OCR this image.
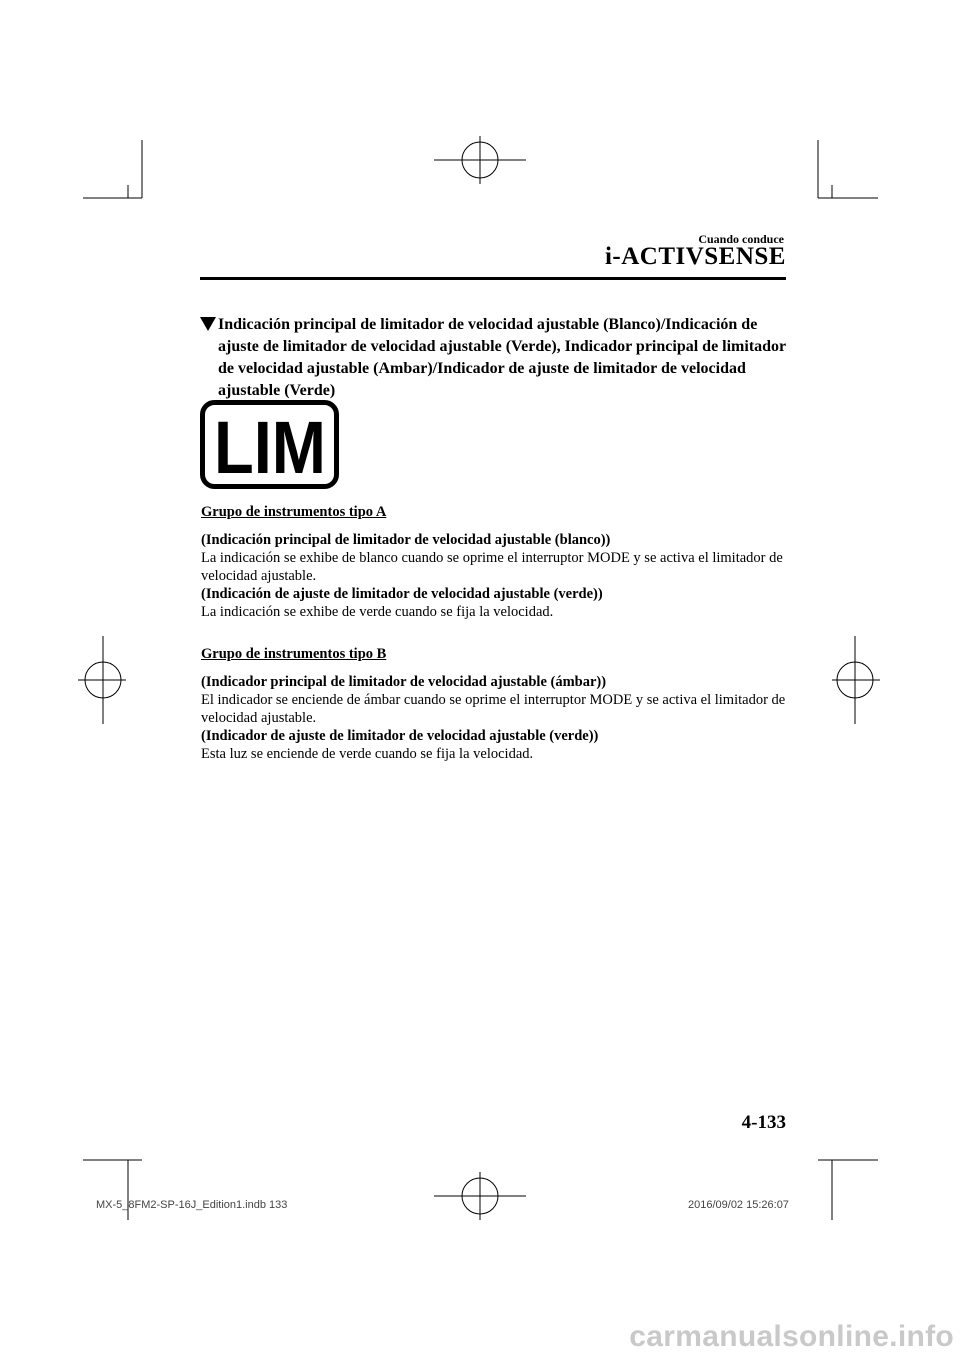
Cuando conduce
i-ACTIVSENSE
Indicación principal de limitador de velocidad ajustable (Blanco)/Indicación de ajuste de limitador de velocidad ajustable (Verde), Indicador principal de limitador de velocidad ajustable (Ambar)/Indicador de ajuste de limitador de velocidad ajustable (Verde)
LIM
Grupo de instrumentos tipo A
(Indicación principal de limitador de velocidad ajustable (blanco))
La indicación se exhibe de blanco cuando se oprime el interruptor MODE y se activa el limitador de velocidad ajustable.
(Indicación de ajuste de limitador de velocidad ajustable (verde))
La indicación se exhibe de verde cuando se fija la velocidad.
Grupo de instrumentos tipo B
(Indicador principal de limitador de velocidad ajustable (ámbar))
El indicador se enciende de ámbar cuando se oprime el interruptor MODE y se activa el limitador de velocidad ajustable.
(Indicador de ajuste de limitador de velocidad ajustable (verde))
Esta luz se enciende de verde cuando se fija la velocidad.
4-133
MX-5_8FM2-SP-16J_Edition1.indb 133	2016/09/02 15:26:07
carmanualsonline.info
